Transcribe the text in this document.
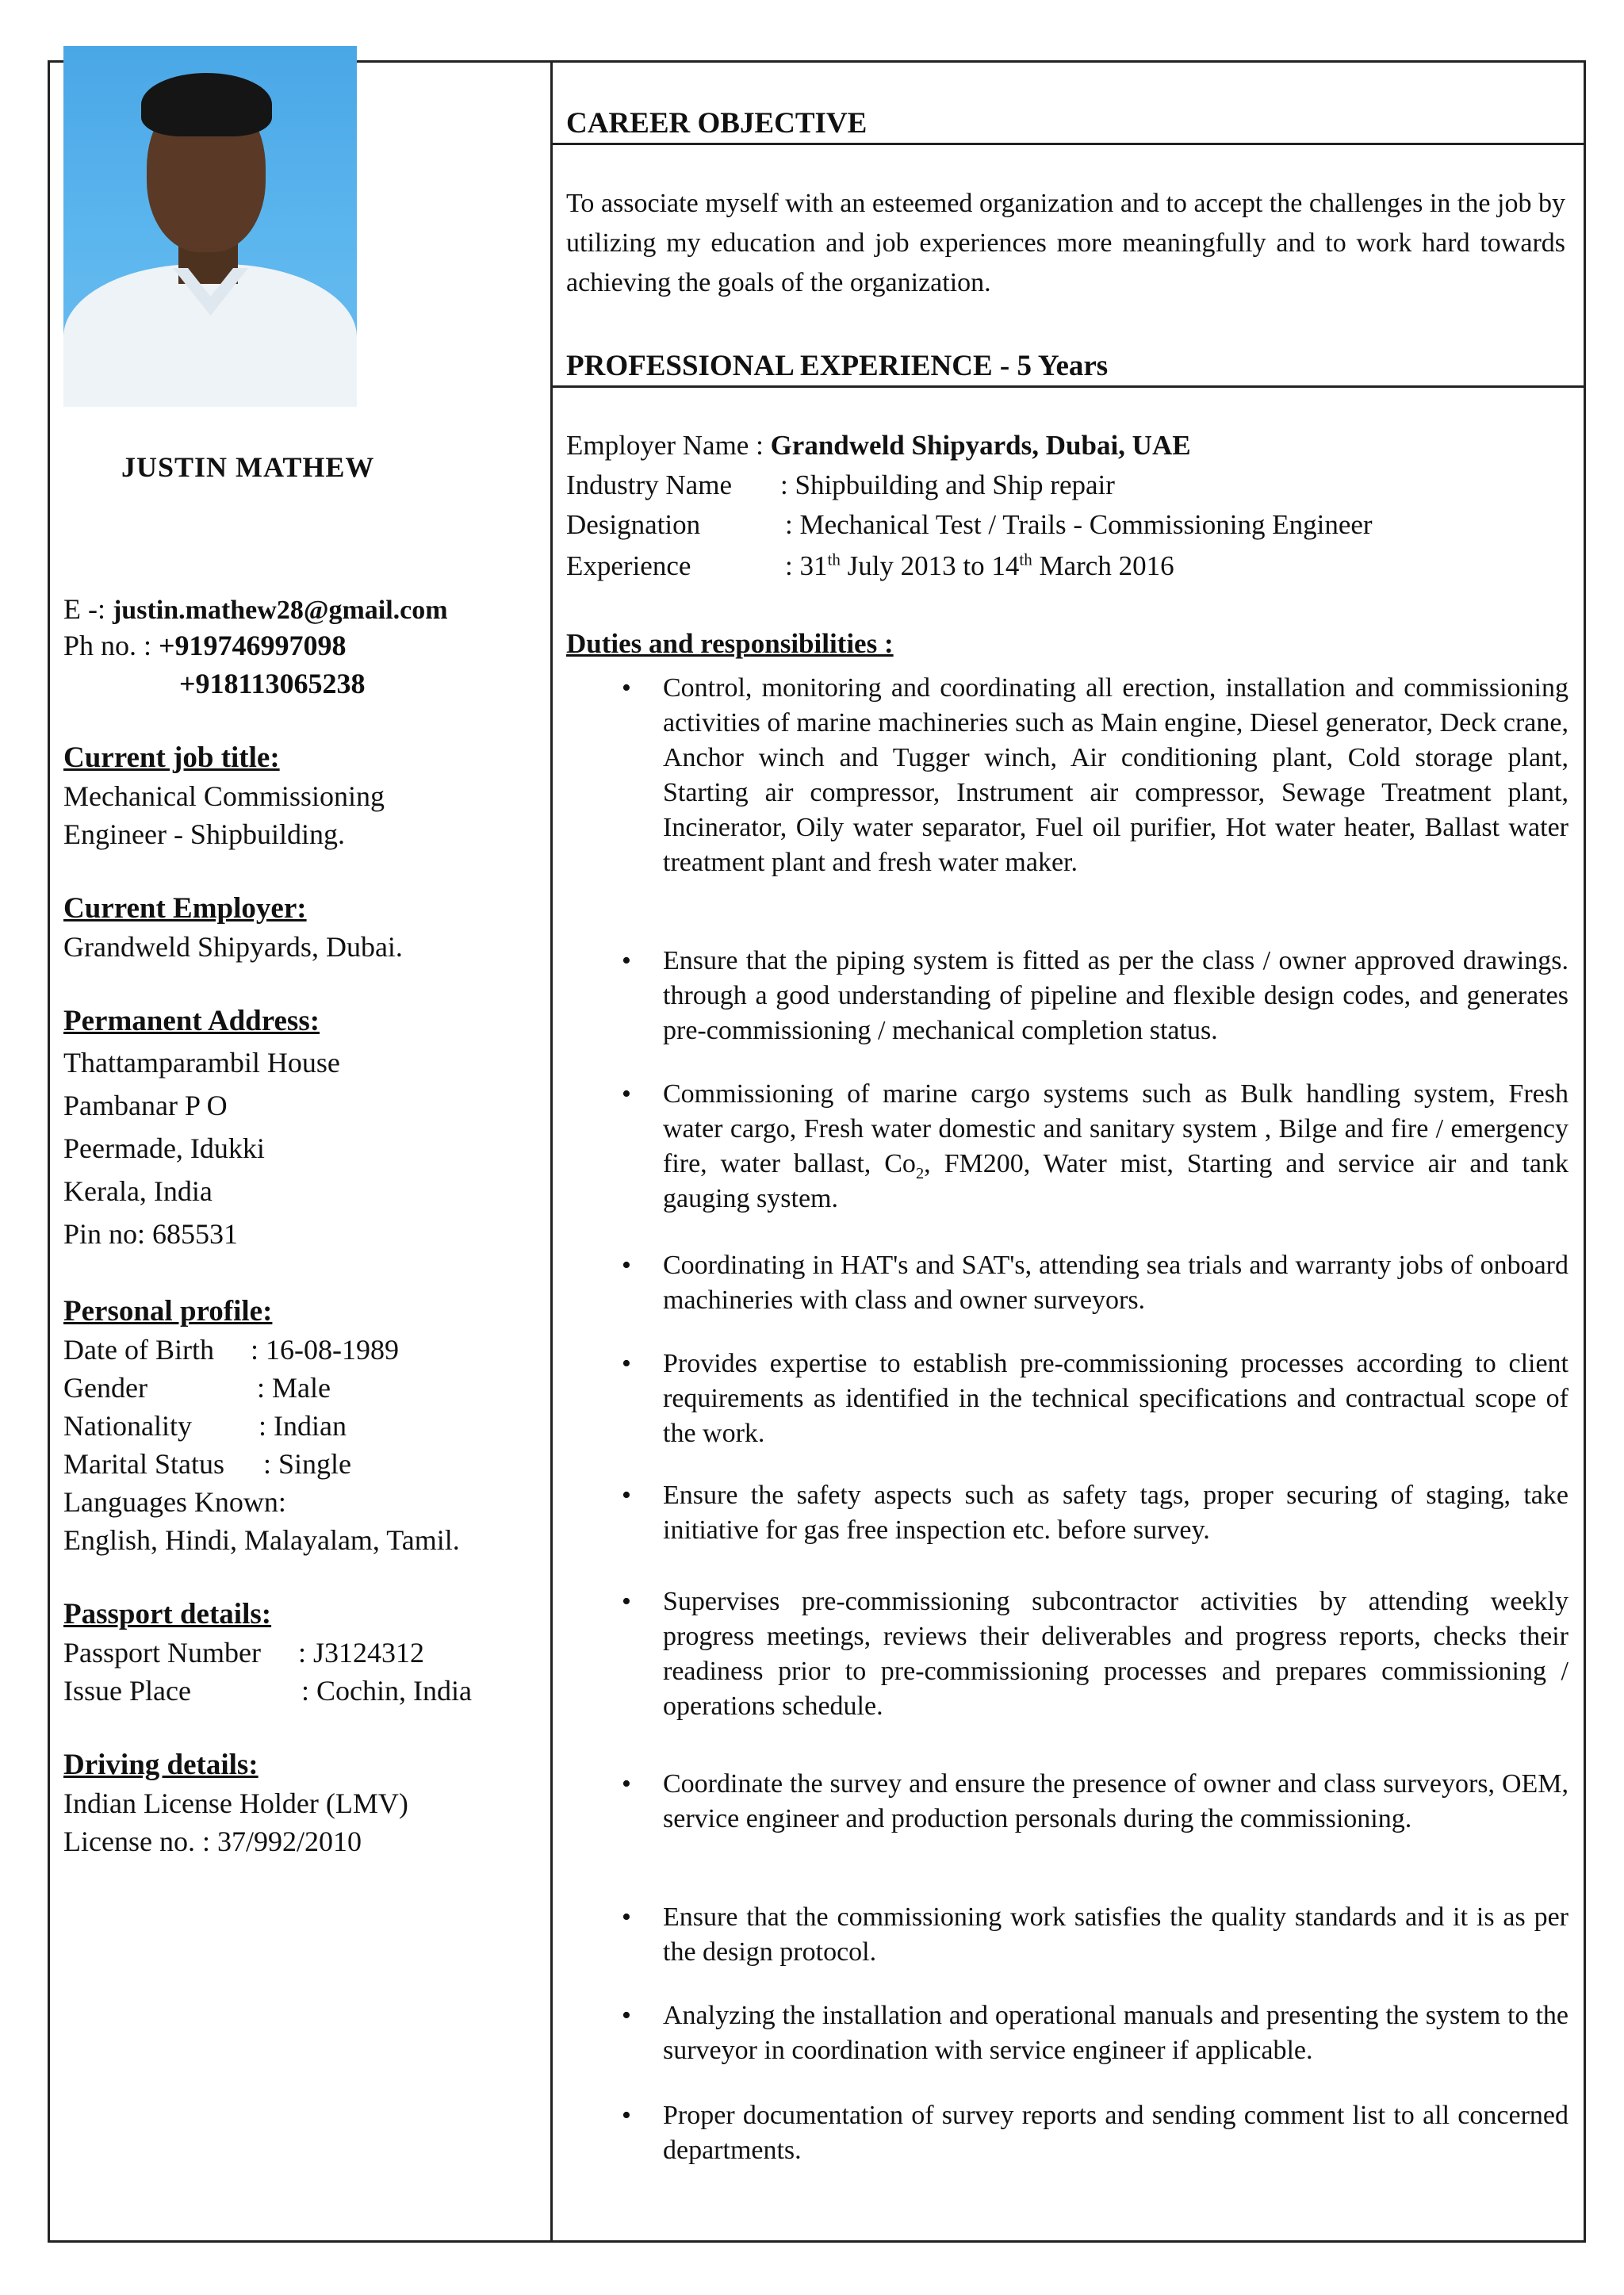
JUSTIN MATHEW
E -: justin.mathew28@gmail.com
Ph no. : +919746997098
+918113065238
Current job title:
Mechanical Commissioning
Engineer - Shipbuilding.
Current Employer:
Grandweld Shipyards, Dubai.
Permanent Address:
Thattamparambil House
Pambanar P O
Peermade, Idukki
Kerala, India
Pin no: 685531
Personal profile:
Date of Birth : 16-08-1989
Gender	: Male
Nationality : Indian
Marital Status : Single
Languages Known:
English, Hindi, Malayalam, Tamil.
Passport details:
Passport Number : J3124312
Issue Place	: Cochin, India
Driving details:
Indian License Holder (LMV)
License no. : 37/992/2010
CAREER OBJECTIVE
To associate myself with an esteemed organization and to accept the challenges in the job by utilizing my education and job experiences more meaningfully and to work hard towards achieving the goals of the organization.
PROFESSIONAL EXPERIENCE - 5 Years
Employer Name : Grandweld Shipyards, Dubai, UAE
Industry Name : Shipbuilding and Ship repair
Designation	: Mechanical Test / Trails - Commissioning Engineer
Experience	: 31th July 2013 to 14th March 2016
Duties and responsibilities :
• Control, monitoring and coordinating all erection, installation and commissioning activities of marine machineries such as Main engine, Diesel generator, Deck crane, Anchor winch and Tugger winch, Air conditioning plant, Cold storage plant, Starting air compressor, Instrument air compressor, Sewage Treatment plant, Incinerator, Oily water separator, Fuel oil purifier, Hot water heater, Ballast water treatment plant and fresh water maker.
• Ensure that the piping system is fitted as per the class / owner approved drawings. through a good understanding of pipeline and flexible design codes, and generates pre-commissioning / mechanical completion status.
• Commissioning of marine cargo systems such as Bulk handling system, Fresh water cargo, Fresh water domestic and sanitary system , Bilge and fire / emergency fire, water ballast, $Co_2$, FM200, Water mist, Starting and service air and tank gauging system.
• Coordinating in HAT's and SAT's, attending sea trials and warranty jobs of onboard machineries with class and owner surveyors.
• Provides expertise to establish pre-commissioning processes according to client requirements as identified in the technical specifications and contractual scope of the work.
• Ensure the safety aspects such as safety tags, proper securing of staging, take initiative for gas free inspection etc. before survey.
• Supervises pre-commissioning subcontractor activities by attending weekly progress meetings, reviews their deliverables and progress reports, checks their readiness prior to pre-commissioning processes and prepares commissioning / operations schedule.
• Coordinate the survey and ensure the presence of owner and class surveyors, OEM, service engineer and production personals during the commissioning.
• Ensure that the commissioning work satisfies the quality standards and it is as per the design protocol.
• Analyzing the installation and operational manuals and presenting the system to the surveyor in coordination with service engineer if applicable.
• Proper documentation of survey reports and sending comment list to all concerned departments.
